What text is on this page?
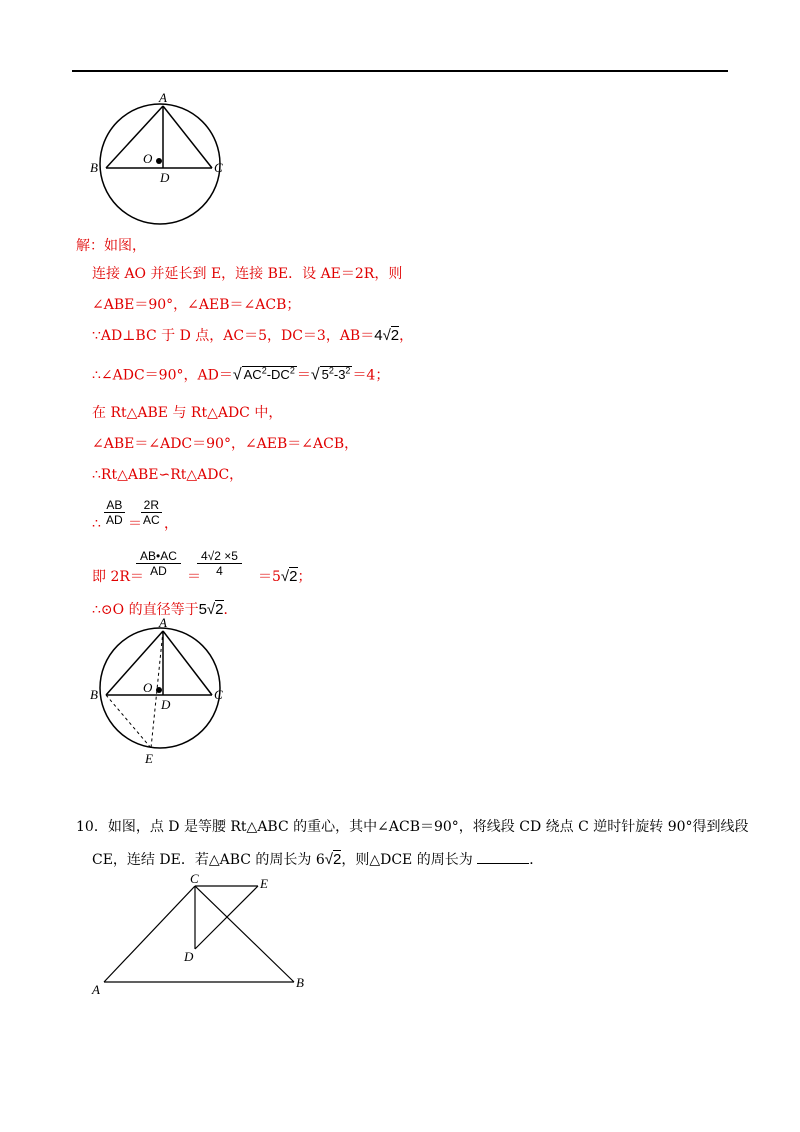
A
B	C
O
D
解：如图，
连接 AO 并延长到 E，连接 BE．设 AE＝2R，则
∠ABE＝90°，∠AEB＝∠ACB；
∵AD⊥BC 于 D 点，AC＝5，DC＝3，AB＝4√2，
∴∠ADC＝90°，AD＝√ $AC^2-DC^2$ ＝√ $5^2-3^2 =4$；
在 Rt△ABE 与 Rt△ADC 中，
∠ABE＝∠ADC＝90°，∠AEB＝∠ACB，
∴Rt△ABE∽Rt△ADC，
$\frac{AB}{AD} \frac{2R}{AC}$
∴ ＝ ，
即 2R＝
$\frac{AB•AC}{AD}$ ＝
$\frac{4√2 \times 5}{4} =5√2$；
∴⊙O 的直径等于5√2．
A
B	C
O
D
E
10．如图，点 D 是等腰 Rt△ABC 的重心，其中∠ACB＝90°，将线段 CD 绕点 C 逆时针旋转 90°得到线段
CE，连结 DE．若△ABC 的周长为 6√2，则△DCE 的周长为	．
C	E
D
A	B
